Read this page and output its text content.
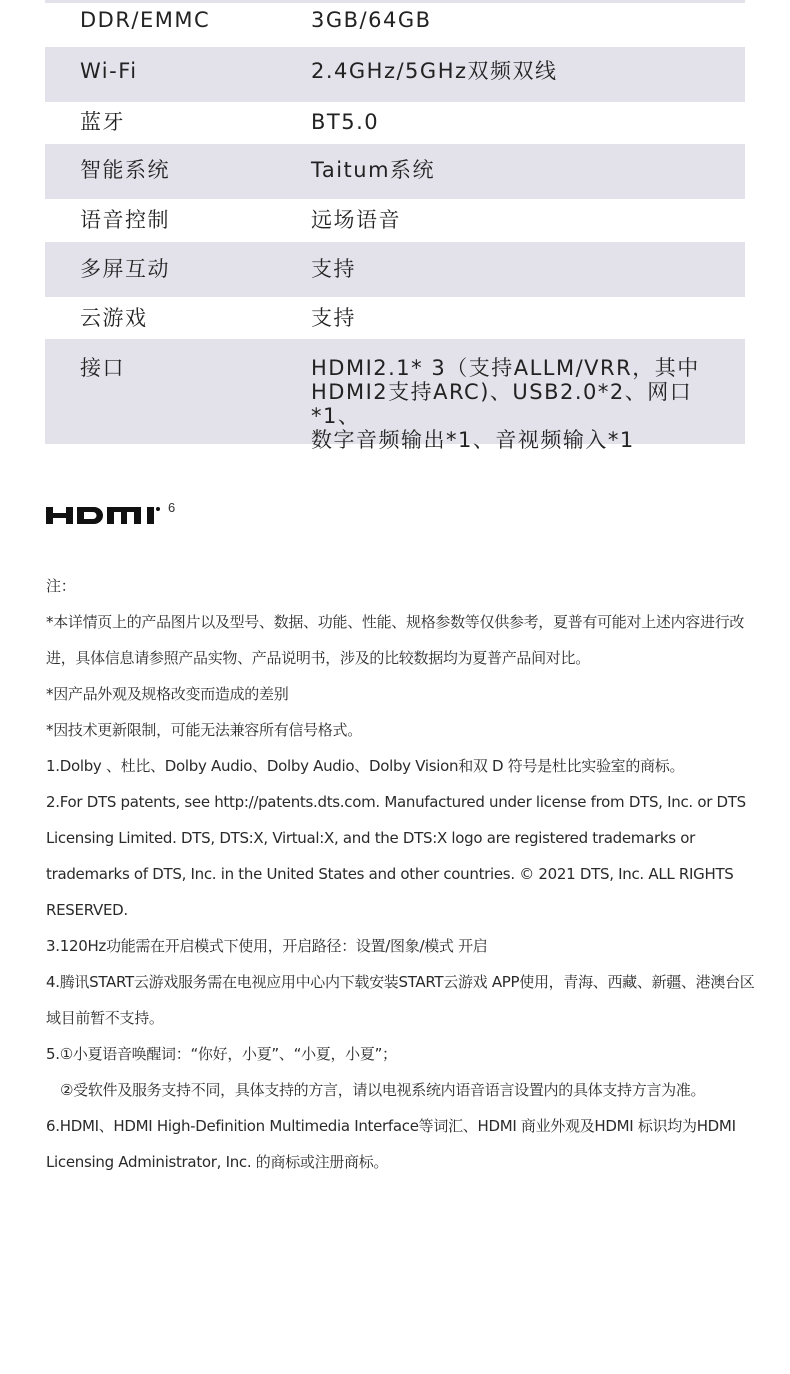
DDR/EMMC	3GB/64GB
Wi-Fi	2.4GHz/5GHz双频双线
蓝牙	BT5.0
智能系统	Taitum系统
语音控制	远场语音
多屏互动	支持
云游戏	支持
接口	HDMI2.1* 3（支持ALLM/VRR，其中
HDMI2支持ARC)、USB2.0*2、网口*1、
数字音频输出*1、音视频输入*1
6

注：

*本详情页上的产品图片以及型号、数据、功能、性能、规格参数等仅供参考，夏普有可能对上述内容进行改进，具体信息请参照产品实物、产品说明书，涉及的比较数据均为夏普产品间对比。

*因产品外观及规格改变而造成的差别

*因技术更新限制，可能无法兼容所有信号格式。

1.Dolby 、杜比、Dolby Audio、Dolby Audio、Dolby Vision和双 D 符号是杜比实验室的商标。

2.For DTS patents, see http://patents.dts.com. Manufactured under license from DTS, Inc. or DTS Licensing Limited. DTS, DTS:X, Virtual:X, and the DTS:X logo are registered trademarks or trademarks of DTS, Inc. in the United States and other countries. © 2021 DTS, Inc. ALL RIGHTS RESERVED.

3.120Hz功能需在开启模式下使用，开启路径：设置/图象/模式 开启

4.腾讯START云游戏服务需在电视应用中心内下载安装START云游戏 APP使用，青海、西藏、新疆、港澳台区域目前暂不支持。

5.①小夏语音唤醒词：“你好，小夏”、“小夏，小夏”；

②受软件及服务支持不同，具体支持的方言，请以电视系统内语音语言设置内的具体支持方言为准。

6.HDMI、HDMI High-Definition Multimedia Interface等词汇、HDMI 商业外观及HDMI 标识均为HDMI Licensing Administrator, Inc. 的商标或注册商标。
